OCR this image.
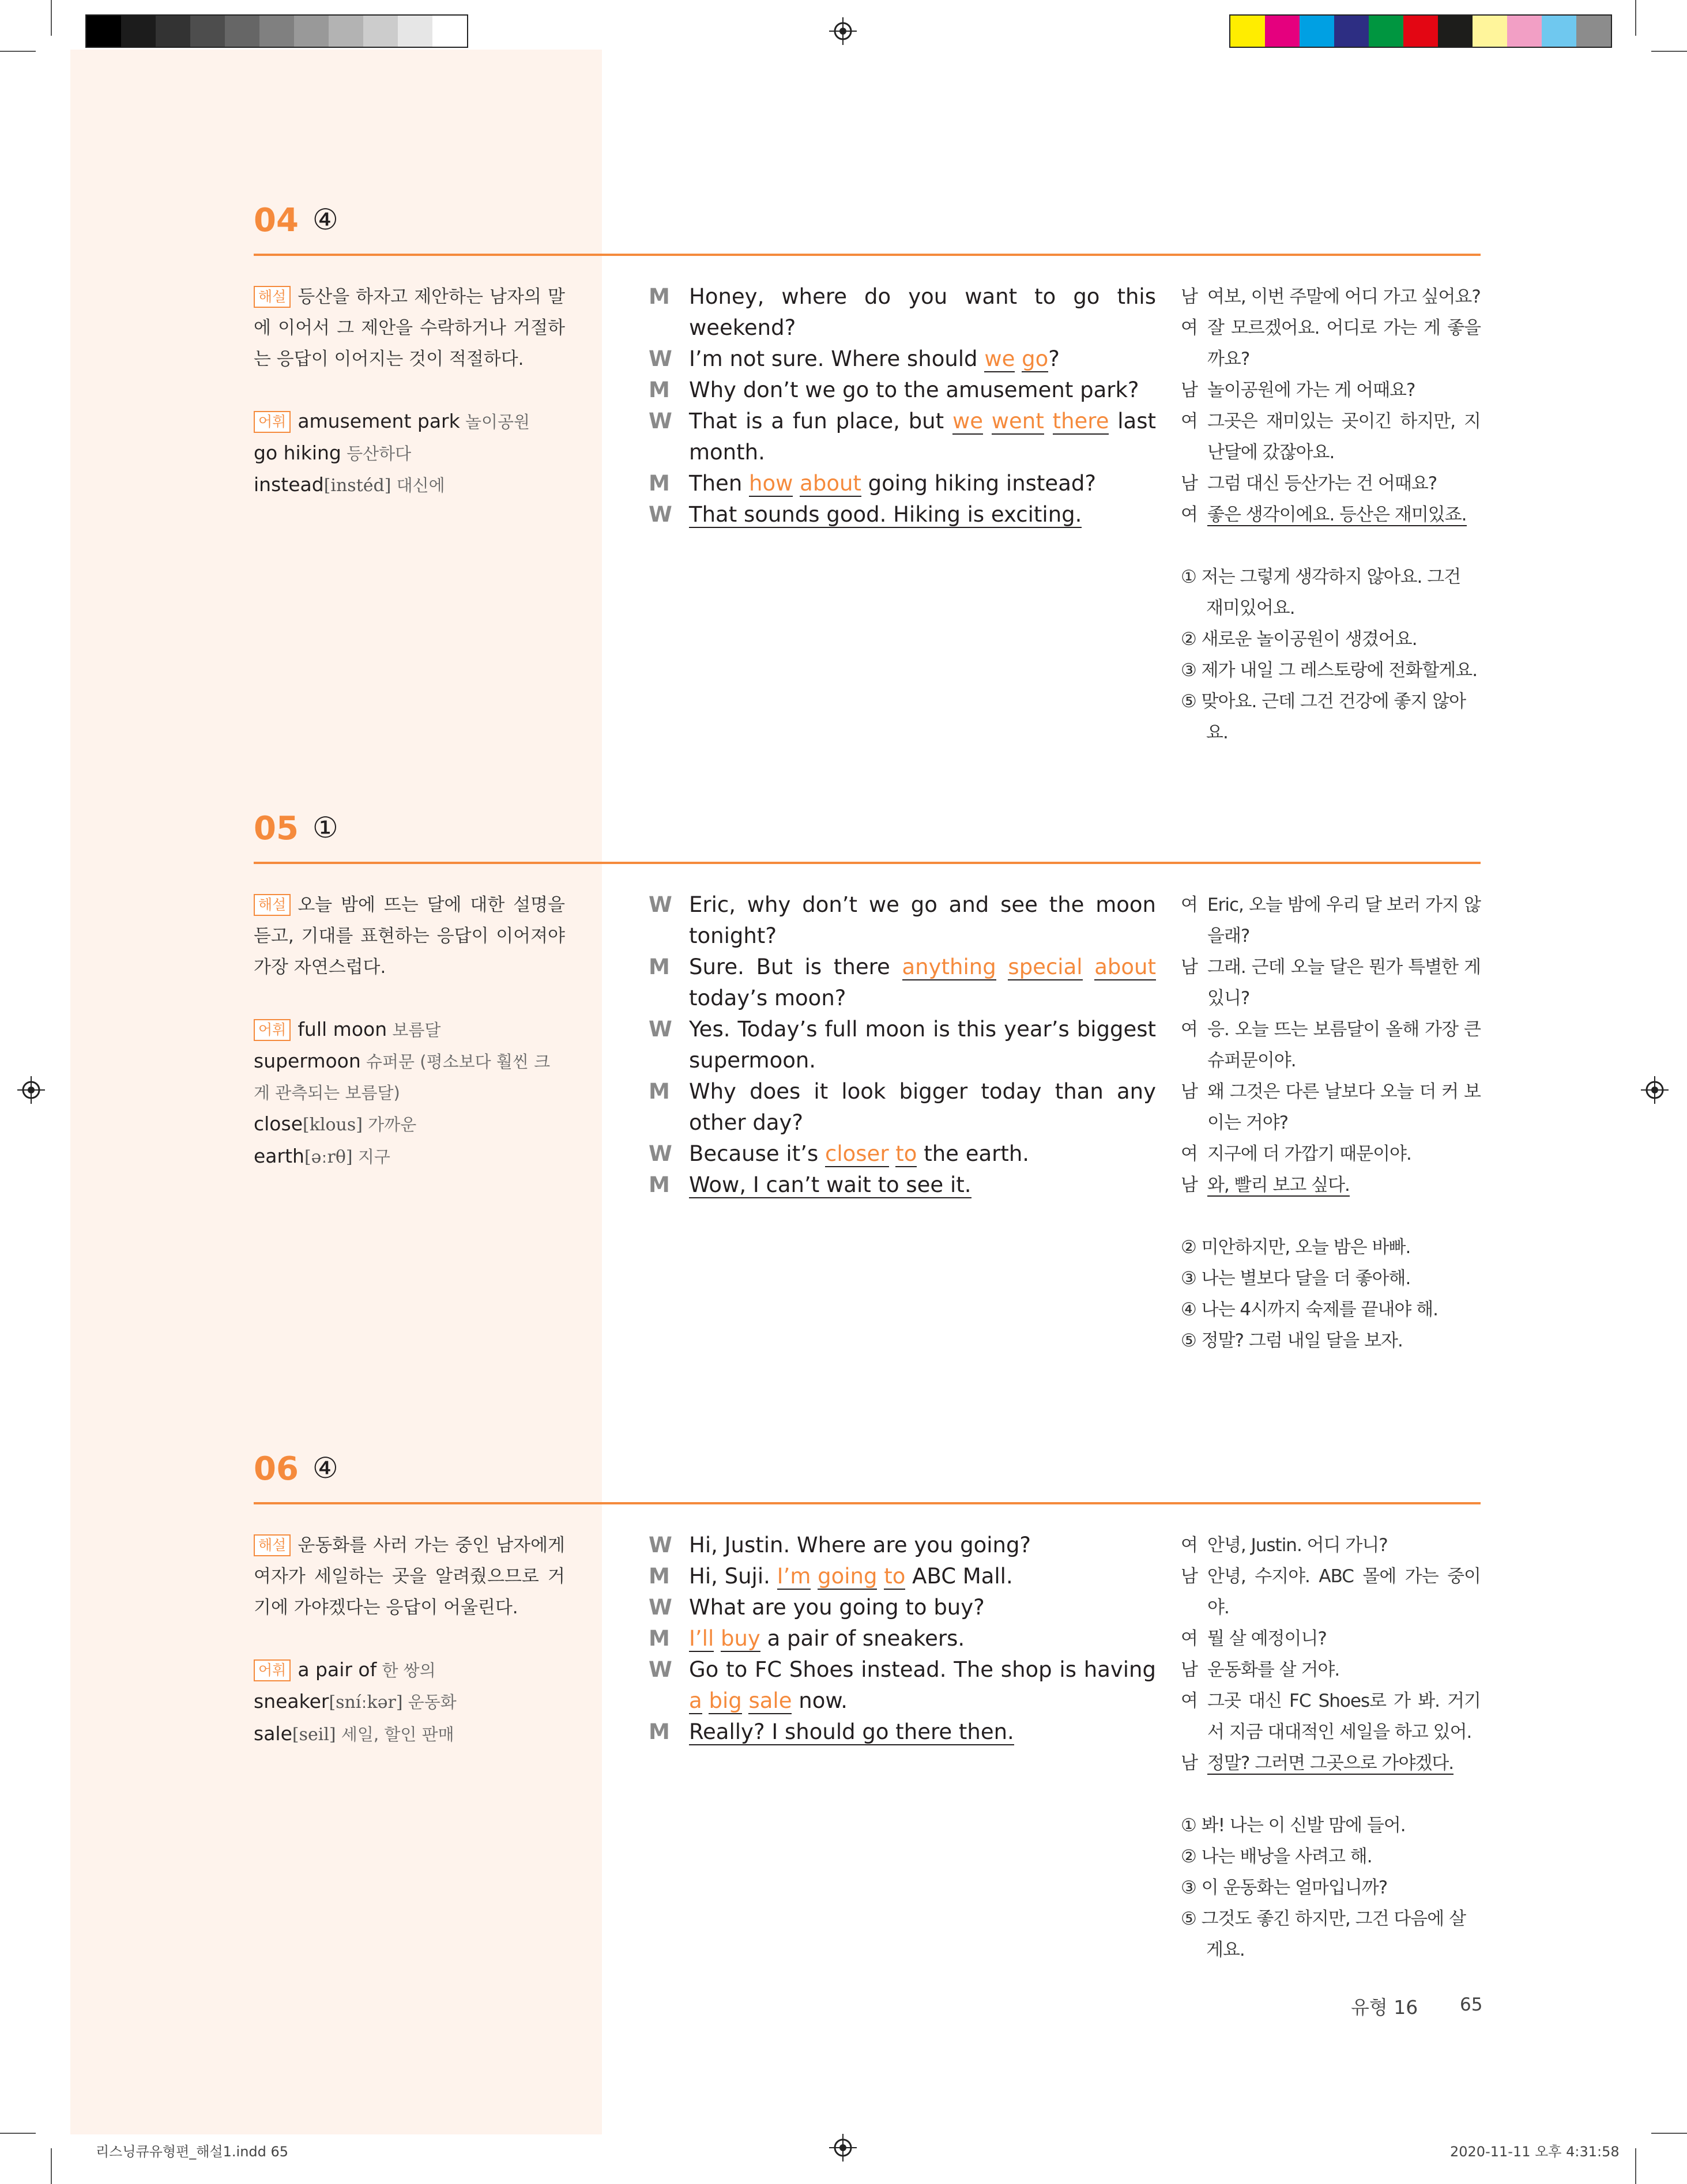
04 ④

해설 등산을 하자고 제안하는 남자의 말에 이어서 그 제안을 수락하거나 거절하는 응답이 이어지는 것이 적절하다.

어휘 amusement park 놀이공원
go hiking 등산하다
instead[instéd] 대신에
M Honey, where do you want to go this weekend?
W I’m not sure. Where should we go?
M Why don’t we go to the amusement park?
W That is a fun place, but we went there last month.
M Then how about going hiking instead?
W That sounds good. Hiking is exciting.
남 여보, 이번 주말에 어디 가고 싶어요?
여 잘 모르겠어요. 어디로 가는 게 좋을까요?
남 놀이공원에 가는 게 어때요?
여 그곳은 재미있는 곳이긴 하지만, 지난달에 갔잖아요.
남 그럼 대신 등산가는 건 어때요?
여 좋은 생각이에요. 등산은 재미있죠.
① 저는 그렇게 생각하지 않아요. 그건 재미있어요.
② 새로운 놀이공원이 생겼어요.
③ 제가 내일 그 레스토랑에 전화할게요.
⑤ 맞아요. 근데 그건 건강에 좋지 않아요.
05 ①

해설 오늘 밤에 뜨는 달에 대한 설명을 듣고, 기대를 표현하는 응답이 이어져야 가장 자연스럽다.

어휘 full moon 보름달
supermoon 슈퍼문 (평소보다 훨씬 크게 관측되는 보름달)
close[klous] 가까운
earth[əːrθ] 지구
W Eric, why don’t we go and see the moon tonight?
M Sure. But is there anything special about today’s moon?
W Yes. Today’s full moon is this year’s biggest supermoon.
M Why does it look bigger today than any other day?
W Because it’s closer to the earth.
M Wow, I can’t wait to see it.
여 Eric, 오늘 밤에 우리 달 보러 가지 않을래?
남 그래. 근데 오늘 달은 뭔가 특별한 게 있니?
여 응. 오늘 뜨는 보름달이 올해 가장 큰 슈퍼문이야.
남 왜 그것은 다른 날보다 오늘 더 커 보이는 거야?
여 지구에 더 가깝기 때문이야.
남 와, 빨리 보고 싶다.
② 미안하지만, 오늘 밤은 바빠.
③ 나는 별보다 달을 더 좋아해.
④ 나는 4시까지 숙제를 끝내야 해.
⑤ 정말? 그럼 내일 달을 보자.
06 ④

해설 운동화를 사러 가는 중인 남자에게 여자가 세일하는 곳을 알려줬으므로 거기에 가야겠다는 응답이 어울린다.

어휘 a pair of 한 쌍의
sneaker[sníːkər] 운동화
sale[seil] 세일, 할인 판매
W Hi, Justin. Where are you going?
M Hi, Suji. I’m going to ABC Mall.
W What are you going to buy?
M I’ll buy a pair of sneakers.
W Go to FC Shoes instead. The shop is having a big sale now.
M Really? I should go there then.
여 안녕, Justin. 어디 가니?
남 안녕, 수지야. ABC 몰에 가는 중이야.
여 뭘 살 예정이니?
남 운동화를 살 거야.
여 그곳 대신 FC Shoes로 가 봐. 거기서 지금 대대적인 세일을 하고 있어.
남 정말? 그러면 그곳으로 가야겠다.
① 봐! 나는 이 신발 맘에 들어.
② 나는 배낭을 사려고 해.
③ 이 운동화는 얼마입니까?
⑤ 그것도 좋긴 하지만, 그건 다음에 살게요.
유형 16 65
리스닝큐유형편_해설1.indd 65	2020-11-11 오후 4:31:58
